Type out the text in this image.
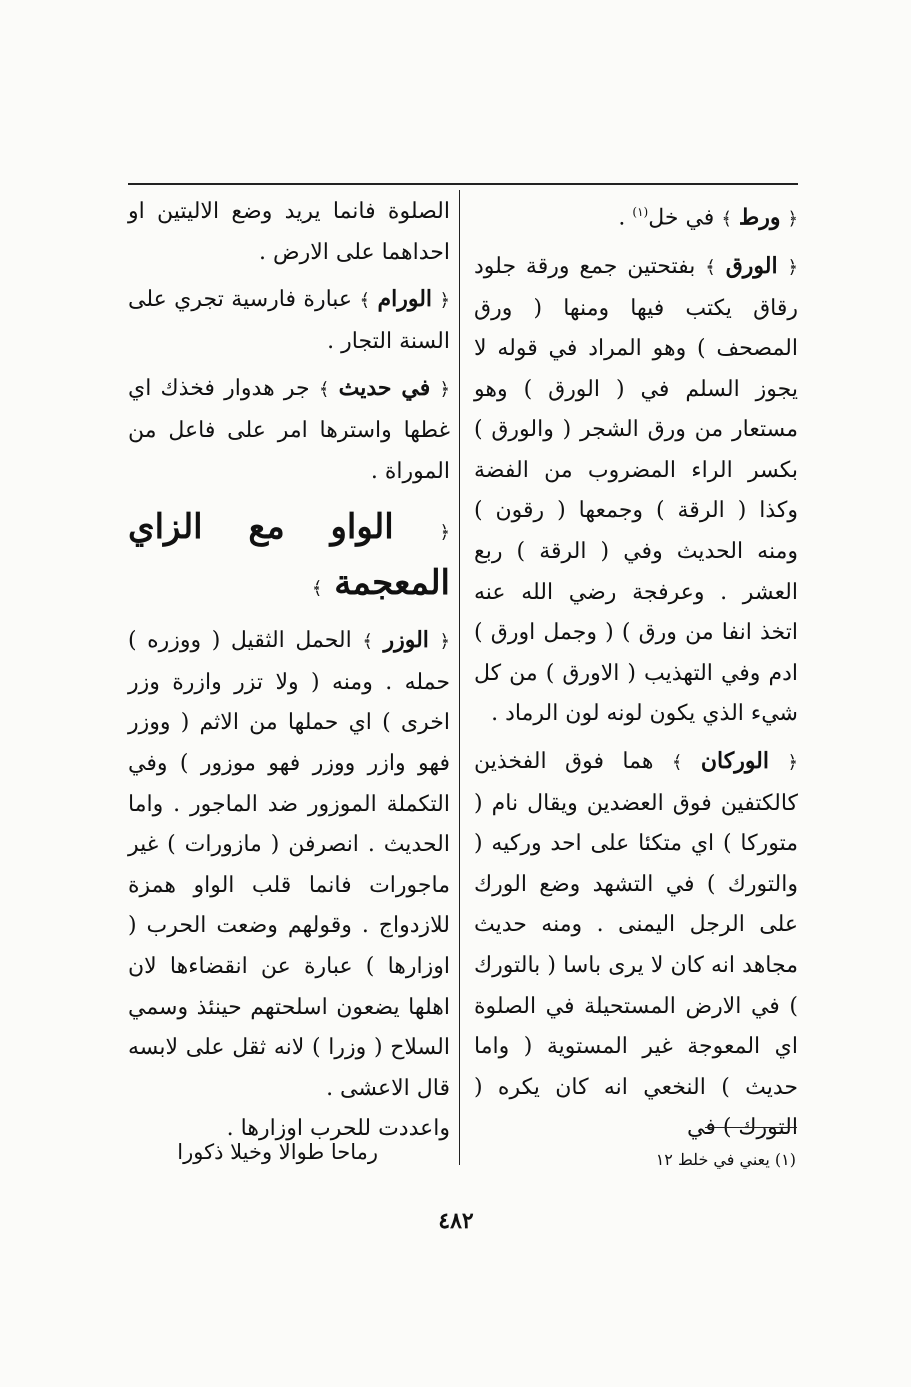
﴿ ورط ﴾ في خل$^{(١)}$ .

﴿ الورق ﴾ بفتحتين جمع ورقة جلود رقاق يكتب فيها ومنها ( ورق المصحف ) وهو المراد في قوله لا يجوز السلم في ( الورق ) وهو مستعار من ورق الشجر ( والورق ) بكسر الراء المضروب من الفضة وكذا ( الرقة ) وجمعها ( رقون ) ومنه الحديث وفي ( الرقة ) ربع العشر . وعرفجة رضي الله عنه اتخذ انفا من ورق ) ( وجمل اورق ) ادم وفي التهذيب ( الاورق ) من كل شيء الذي يكون لونه لون الرماد .

﴿ الوركان ﴾ هما فوق الفخذين كالكتفين فوق العضدين ويقال نام ( متوركا ) اي متكئا على احد وركيه ( والتورك ) في التشهد وضع الورك على الرجل اليمنى . ومنه حديث مجاهد انه كان لا يرى باسا ( بالتورك ) في الارض المستحيلة في الصلوة اي المعوجة غير المستوية ( واما حديث ) النخعي انه كان يكره ( التورك ) في

الصلوة فانما يريد وضع الاليتين او احداهما على الارض .

﴿ الورام ﴾ عبارة فارسية تجري على السنة التجار .

﴿ في حديث ﴾ جر هدوار فخذك اي غطها واسترها امر على فاعل من الموراة .

﴿ الواو مع الزاي المعجمة ﴾

﴿ الوزر ﴾ الحمل الثقيل ( ووزره ) حمله . ومنه ( ولا تزر وازرة وزر اخرى ) اي حملها من الاثم ( ووزر فهو وازر ووزر فهو موزور ) وفي التكملة الموزور ضد الماجور . واما الحديث . انصرفن ( مازورات ) غير ماجورات فانما قلب الواو همزة للازدواج . وقولهم وضعت الحرب ( اوزارها ) عبارة عن انقضاءها لان اهلها يضعون اسلحتهم حينئذ وسمي السلاح ( وزرا ) لانه ثقل على لابسه قال الاعشى .

واعددت للحرب اوزارها .

رماحا طوالا وخيلا ذكورا	(١) يعني في خلط ١٢
٤٨٢
